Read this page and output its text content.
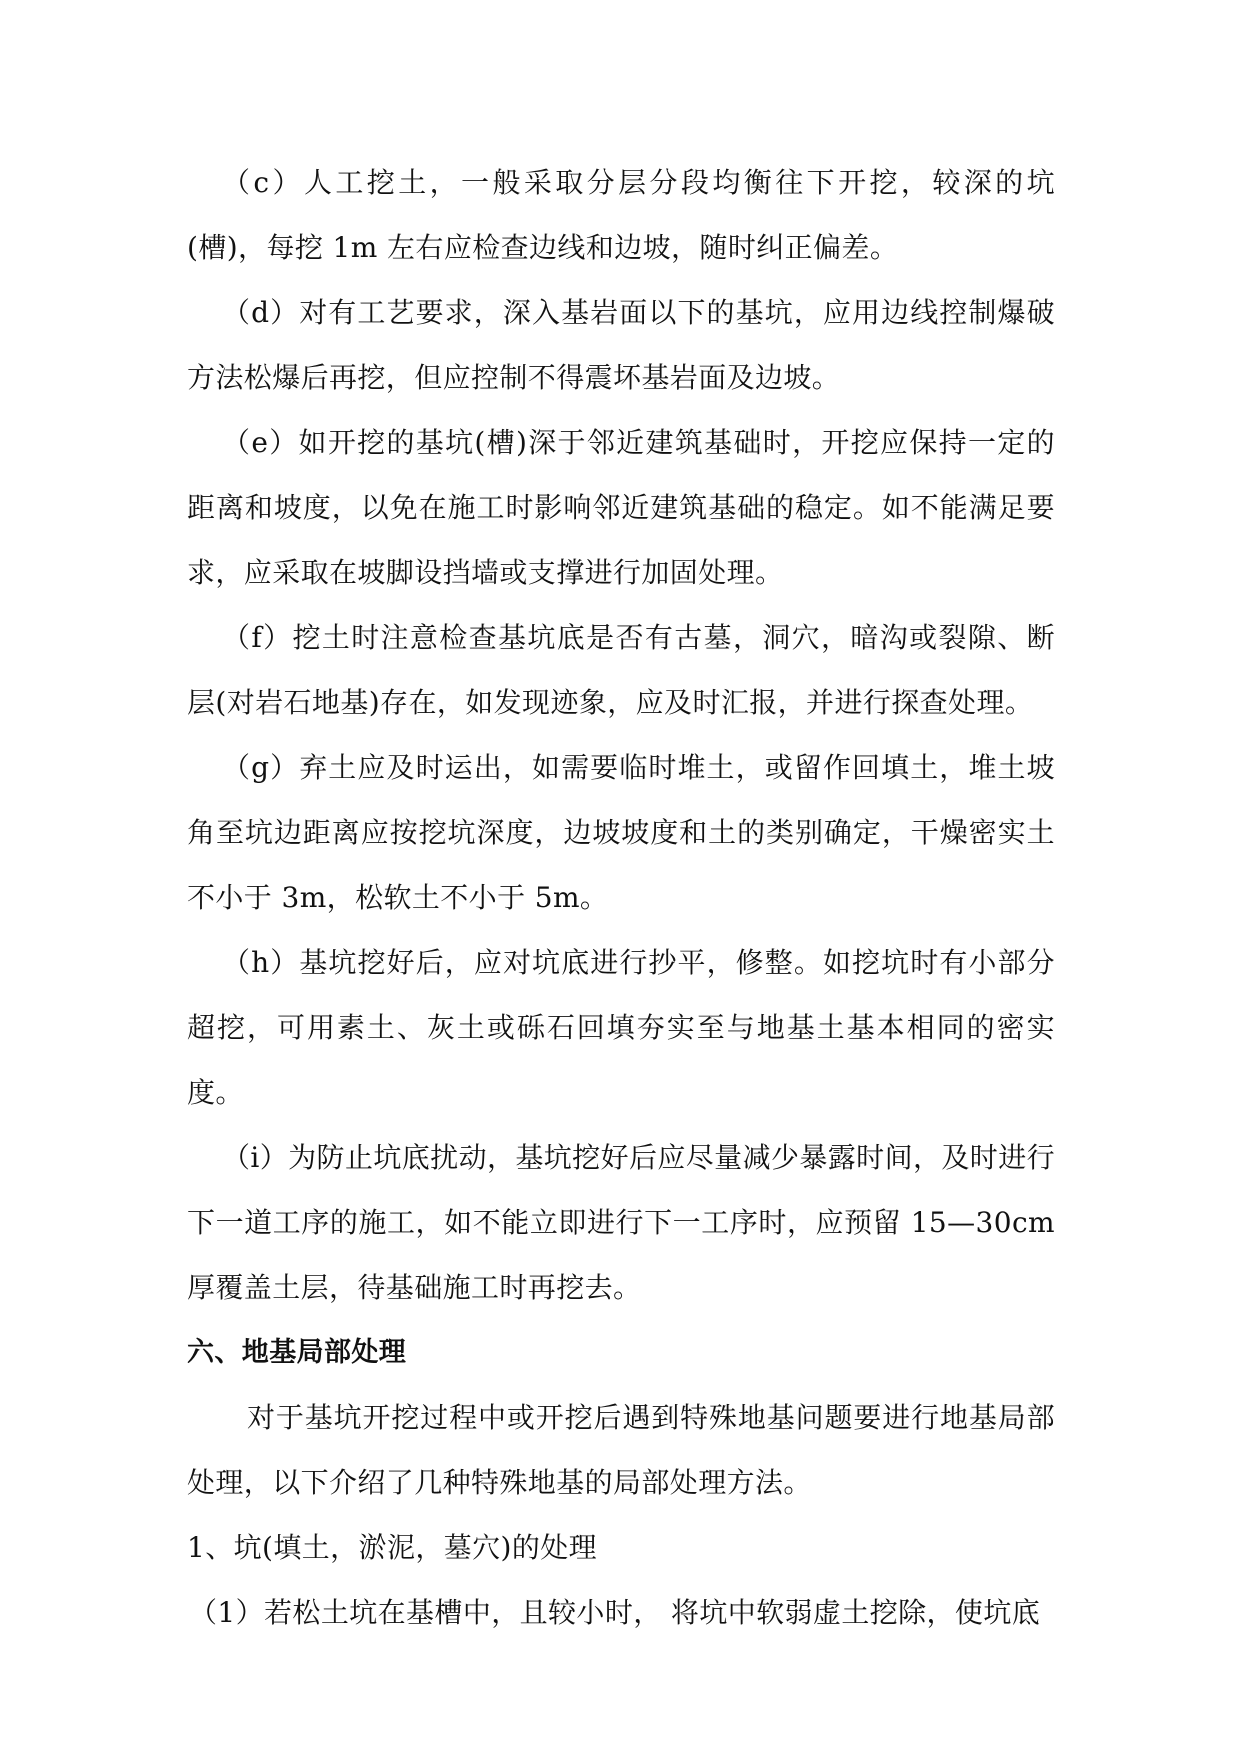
（c）人工挖土，一般采取分层分段均衡往下开挖，较深的坑(槽)，每挖 1m 左右应检查边线和边坡，随时纠正偏差。

（d）对有工艺要求，深入基岩面以下的基坑，应用边线控制爆破方法松爆后再挖，但应控制不得震坏基岩面及边坡。

（e）如开挖的基坑(槽)深于邻近建筑基础时，开挖应保持一定的距离和坡度，以免在施工时影响邻近建筑基础的稳定。如不能满足要求，应采取在坡脚设挡墙或支撑进行加固处理。

（f）挖土时注意检查基坑底是否有古墓，洞穴，暗沟或裂隙、断层(对岩石地基)存在，如发现迹象，应及时汇报，并进行探查处理。

（g）弃土应及时运出，如需要临时堆土，或留作回填土，堆土坡角至坑边距离应按挖坑深度，边坡坡度和土的类别确定，干燥密实土不小于 3m，松软土不小于 5m。

（h）基坑挖好后，应对坑底进行抄平，修整。如挖坑时有小部分超挖，可用素土、灰土或砾石回填夯实至与地基土基本相同的密实度。

（i）为防止坑底扰动，基坑挖好后应尽量减少暴露时间，及时进行下一道工序的施工，如不能立即进行下一工序时，应预留 15—30cm 厚覆盖土层，待基础施工时再挖去。

六、地基局部处理

对于基坑开挖过程中或开挖后遇到特殊地基问题要进行地基局部处理，以下介绍了几种特殊地基的局部处理方法。

1、坑(填土，淤泥，墓穴)的处理

（1）若松土坑在基槽中，且较小时， 将坑中软弱虚土挖除，使坑底
